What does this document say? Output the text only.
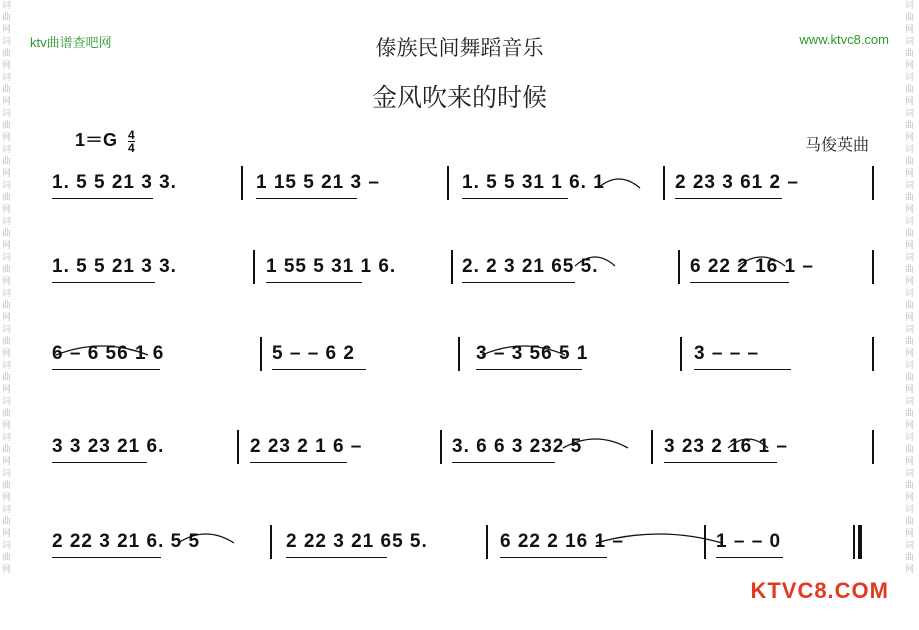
词曲网词曲网词曲网词曲网词曲网词曲网词曲网词曲网词曲网词曲网词曲网词曲网词曲网词曲网词曲网词曲网
词曲网词曲网词曲网词曲网词曲网词曲网词曲网词曲网词曲网词曲网词曲网词曲网词曲网词曲网词曲网词曲网
ktv曲谱查吧网	www.ktvc8.com
KTVC8.COM
傣族民间舞蹈音乐
金风吹来的时候
$1=G \frac{4}{4}$	马俊英曲
1. 5 5 21 3 3.	1 15 5 21 3 –	1. 5 5 31 1 6. 1	2 23 3 61 2 –
1. 5 5 21 3 3.	1 55 5 31 1 6.	2. 2 3 21 65 5.	6 22 2 16 1 –
6 – 6 56 1 6	5 – – 6 2	3 – 3 56 5 1	3 – – –
3 3 23 21 6.	2 23 2 1 6 –	3. 6 6 3 232 5	3 23 2 16 1 –
2 22 3 21 6. 5 5	2 22 3 21 65 5.	6 22 2 16 1 –	1 – – 0
